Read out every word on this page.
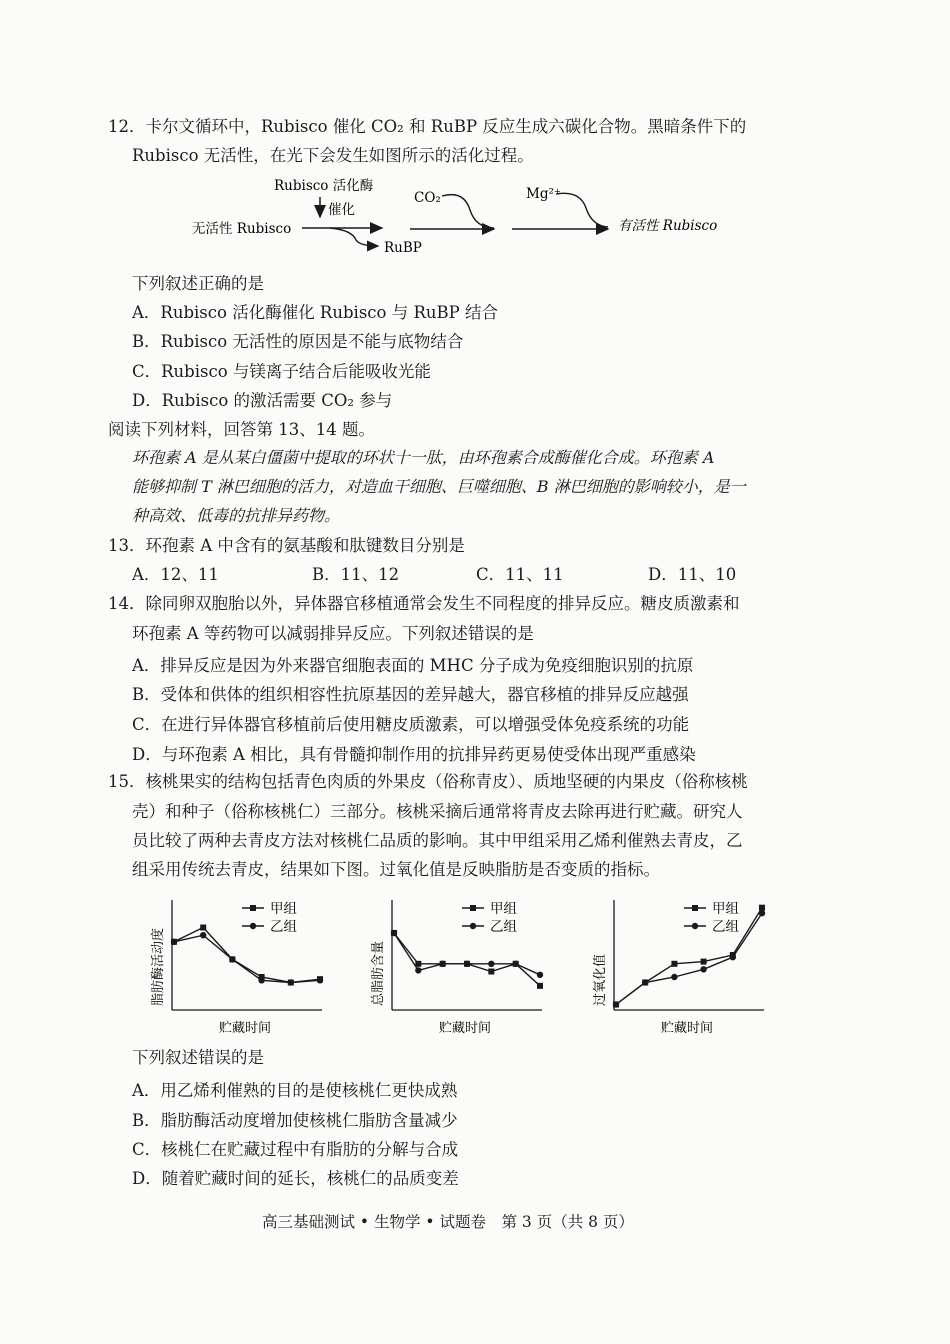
12．卡尔文循环中，Rubisco 催化 CO₂ 和 RuBP 反应生成六碳化合物。黑暗条件下的
Rubisco 无活性，在光下会发生如图所示的活化过程。
Rubisco 活化酶
催化
无活性 Rubisco
RuBP
CO₂	Mg²⁺
有活性 Rubisco
下列叙述正确的是
A．Rubisco 活化酶催化 Rubisco 与 RuBP 结合
B．Rubisco 无活性的原因是不能与底物结合
C．Rubisco 与镁离子结合后能吸收光能
D．Rubisco 的激活需要 CO₂ 参与
阅读下列材料，回答第 13、14 题。
环孢素 A 是从某白僵菌中提取的环状十一肽，由环孢素合成酶催化合成。环孢素 A
能够抑制 T 淋巴细胞的活力，对造血干细胞、巨噬细胞、B 淋巴细胞的影响较小，是一
种高效、低毒的抗排异药物。
13．环孢素 A 中含有的氨基酸和肽键数目分别是
A．12、11	B．11、12	C．11、11	D．11、10
14．除同卵双胞胎以外，异体器官移植通常会发生不同程度的排异反应。糖皮质激素和
环孢素 A 等药物可以减弱排异反应。下列叙述错误的是
A．排异反应是因为外来器官细胞表面的 MHC 分子成为免疫细胞识别的抗原
B．受体和供体的组织相容性抗原基因的差异越大，器官移植的排异反应越强
C．在进行异体器官移植前后使用糖皮质激素，可以增强受体免疫系统的功能
D．与环孢素 A 相比，具有骨髓抑制作用的抗排异药更易使受体出现严重感染
15．核桃果实的结构包括青色肉质的外果皮（俗称青皮）、质地坚硬的内果皮（俗称核桃
壳）和种子（俗称核桃仁）三部分。核桃采摘后通常将青皮去除再进行贮藏。研究人
员比较了两种去青皮方法对核桃仁品质的影响。其中甲组采用乙烯利催熟去青皮，乙
组采用传统去青皮，结果如下图。过氧化值是反映脂肪是否变质的指标。
脂肪酶活动度
贮藏时间
甲组
乙组
总脂肪含量
贮藏时间
甲组
乙组
过氧化值
贮藏时间
甲组
乙组
下列叙述错误的是
A．用乙烯利催熟的目的是使核桃仁更快成熟
B．脂肪酶活动度增加使核桃仁脂肪含量减少
C．核桃仁在贮藏过程中有脂肪的分解与合成
D．随着贮藏时间的延长，核桃仁的品质变差
高三基础测试 • 生物学 • 试题卷　第 3 页（共 8 页）
